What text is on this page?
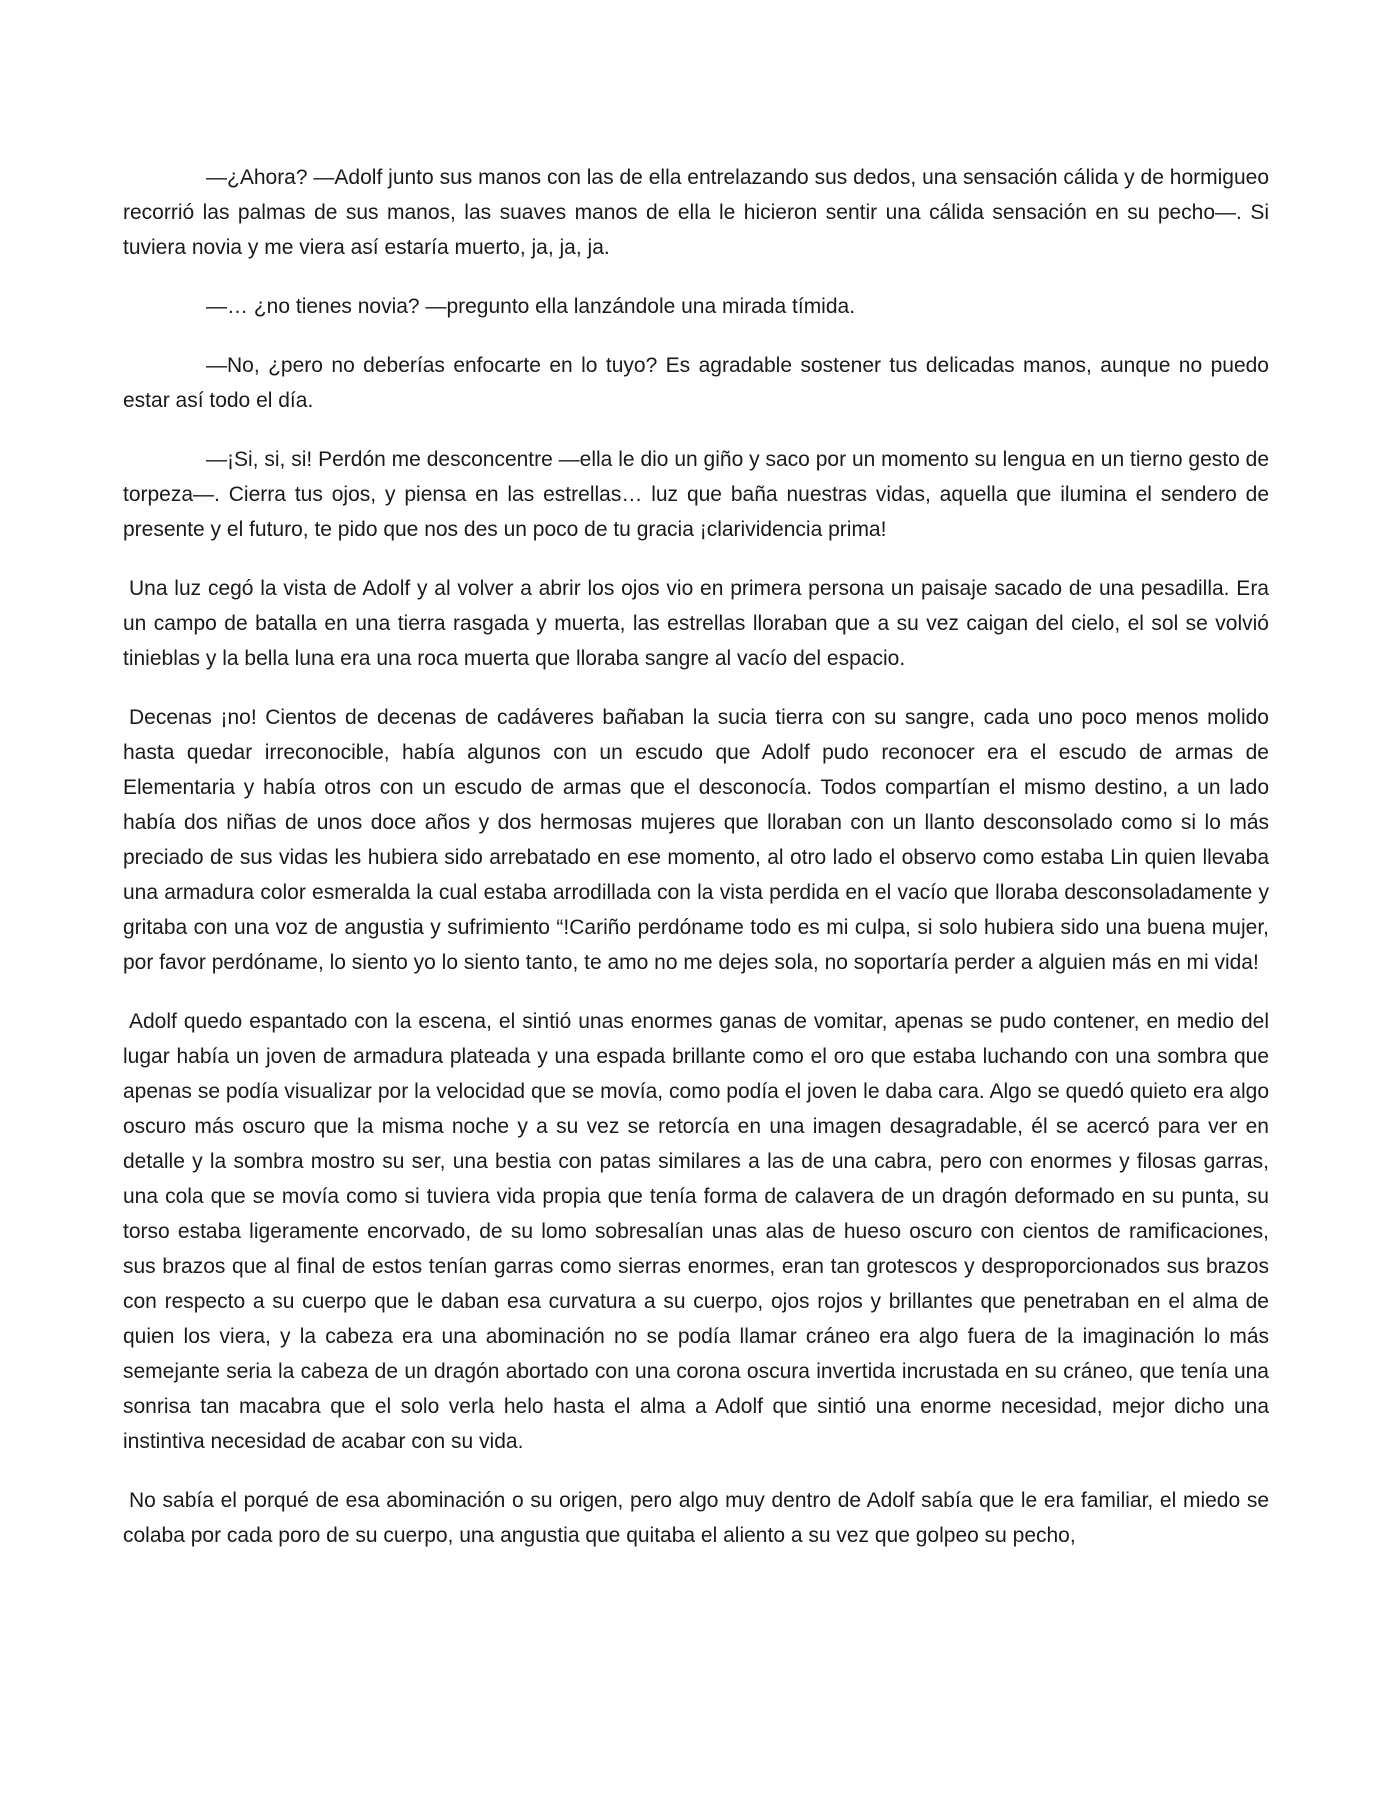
—¿Ahora? —Adolf junto sus manos con las de ella entrelazando sus dedos, una sensación cálida y de hormigueo recorrió las palmas de sus manos, las suaves manos de ella le hicieron sentir una cálida sensación en su pecho—. Si tuviera novia y me viera así estaría muerto, ja, ja, ja.

—… ¿no tienes novia? —pregunto ella lanzándole una mirada tímida.

—No, ¿pero no deberías enfocarte en lo tuyo? Es agradable sostener tus delicadas manos, aunque no puedo estar así todo el día.

—¡Si, si, si! Perdón me desconcentre —ella le dio un giño y saco por un momento su lengua en un tierno gesto de torpeza—. Cierra tus ojos, y piensa en las estrellas… luz que baña nuestras vidas, aquella que ilumina el sendero de presente y el futuro, te pido que nos des un poco de tu gracia ¡clarividencia prima!

Una luz cegó la vista de Adolf y al volver a abrir los ojos vio en primera persona un paisaje sacado de una pesadilla. Era un campo de batalla en una tierra rasgada y muerta, las estrellas lloraban que a su vez caigan del cielo, el sol se volvió tinieblas y la bella luna era una roca muerta que lloraba sangre al vacío del espacio.

Decenas ¡no! Cientos de decenas de cadáveres bañaban la sucia tierra con su sangre, cada uno poco menos molido hasta quedar irreconocible, había algunos con un escudo que Adolf pudo reconocer era el escudo de armas de Elementaria y había otros con un escudo de armas que el desconocía. Todos compartían el mismo destino, a un lado había dos niñas de unos doce años y dos hermosas mujeres que lloraban con un llanto desconsolado como si lo más preciado de sus vidas les hubiera sido arrebatado en ese momento, al otro lado el observo como estaba Lin quien llevaba una armadura color esmeralda la cual estaba arrodillada con la vista perdida en el vacío que lloraba desconsoladamente y gritaba con una voz de angustia y sufrimiento “!Cariño perdóname todo es mi culpa, si solo hubiera sido una buena mujer, por favor perdóname, lo siento yo lo siento tanto, te amo no me dejes sola, no soportaría perder a alguien más en mi vida!

Adolf quedo espantado con la escena, el sintió unas enormes ganas de vomitar, apenas se pudo contener, en medio del lugar había un joven de armadura plateada y una espada brillante como el oro que estaba luchando con una sombra que apenas se podía visualizar por la velocidad que se movía, como podía el joven le daba cara. Algo se quedó quieto era algo oscuro más oscuro que la misma noche y a su vez se retorcía en una imagen desagradable, él se acercó para ver en detalle y la sombra mostro su ser, una bestia con patas similares a las de una cabra, pero con enormes y filosas garras, una cola que se movía como si tuviera vida propia que tenía forma de calavera de un dragón deformado en su punta, su torso estaba ligeramente encorvado, de su lomo sobresalían unas alas de hueso oscuro con cientos de ramificaciones, sus brazos que al final de estos tenían garras como sierras enormes, eran tan grotescos y desproporcionados sus brazos con respecto a su cuerpo que le daban esa curvatura a su cuerpo, ojos rojos y brillantes que penetraban en el alma de quien los viera, y la cabeza era una abominación no se podía llamar cráneo era algo fuera de la imaginación lo más semejante seria la cabeza de un dragón abortado con una corona oscura invertida incrustada en su cráneo, que tenía una sonrisa tan macabra que el solo verla helo hasta el alma a Adolf que sintió una enorme necesidad, mejor dicho una instintiva necesidad de acabar con su vida.

No sabía el porqué de esa abominación o su origen, pero algo muy dentro de Adolf sabía que le era familiar, el miedo se colaba por cada poro de su cuerpo, una angustia que quitaba el aliento a su vez que golpeo su pecho,
